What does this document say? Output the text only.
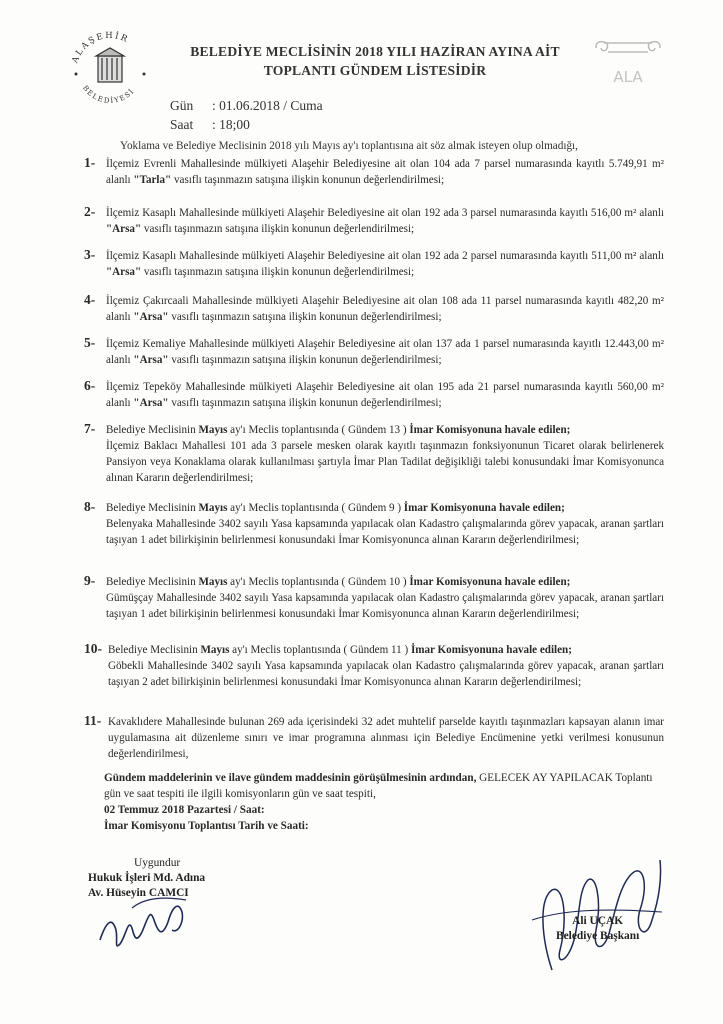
ALAŞEHİR
BELEDİYESİ
ALA
BELEDİYE MECLİSİNİN 2018 YILI HAZİRAN AYINA AİT
TOPLANTI GÜNDEM LİSTESİDİR
Gün	: 01.06.2018 / Cuma
Saat	: 18;00
Yoklama ve Belediye Meclisinin 2018 yılı Mayıs ay'ı toplantısına ait söz almak isteyen olup olmadığı,
1- İlçemiz Evrenli Mahallesinde mülkiyeti Alaşehir Belediyesine ait olan 104 ada 7 parsel numarasında kayıtlı 5.749,91 m² alanlı "Tarla" vasıflı taşınmazın satışına ilişkin konunun değerlendirilmesi;
2- İlçemiz Kasaplı Mahallesinde mülkiyeti Alaşehir Belediyesine ait olan 192 ada 3 parsel numarasında kayıtlı 516,00 m² alanlı "Arsa" vasıflı taşınmazın satışına ilişkin konunun değerlendirilmesi;
3- İlçemiz Kasaplı Mahallesinde mülkiyeti Alaşehir Belediyesine ait olan 192 ada 2 parsel numarasında kayıtlı 511,00 m² alanlı "Arsa" vasıflı taşınmazın satışına ilişkin konunun değerlendirilmesi;
4- İlçemiz Çakırcaali Mahallesinde mülkiyeti Alaşehir Belediyesine ait olan 108 ada 11 parsel numarasında kayıtlı 482,20 m² alanlı "Arsa" vasıflı taşınmazın satışına ilişkin konunun değerlendirilmesi;
5- İlçemiz Kemaliye Mahallesinde mülkiyeti Alaşehir Belediyesine ait olan 137 ada 1 parsel numarasında kayıtlı 12.443,00 m² alanlı "Arsa" vasıflı taşınmazın satışına ilişkin konunun değerlendirilmesi;
6- İlçemiz Tepeköy Mahallesinde mülkiyeti Alaşehir Belediyesine ait olan 195 ada 21 parsel numarasında kayıtlı 560,00 m² alanlı "Arsa" vasıflı taşınmazın satışına ilişkin konunun değerlendirilmesi;
7- Belediye Meclisinin Mayıs ay'ı Meclis toplantısında ( Gündem 13 ) İmar Komisyonuna havale edilen;

İlçemiz Baklacı Mahallesi 101 ada 3 parsele mesken olarak kayıtlı taşınmazın fonksiyonunun Ticaret olarak belirlenerek Pansiyon veya Konaklama olarak kullanılması şartıyla İmar Plan Tadilat değişikliği talebi konusundaki İmar Komisyonunca alınan Kararın değerlendirilmesi;

8- Belediye Meclisinin Mayıs ay'ı Meclis toplantısında ( Gündem 9 ) İmar Komisyonuna havale edilen;

Belenyaka Mahallesinde 3402 sayılı Yasa kapsamında yapılacak olan Kadastro çalışmalarında görev yapacak, aranan şartları taşıyan 1 adet bilirkişinin belirlenmesi konusundaki İmar Komisyonunca alınan Kararın değerlendirilmesi;

9- Belediye Meclisinin Mayıs ay'ı Meclis toplantısında ( Gündem 10 ) İmar Komisyonuna havale edilen;

Gümüşçay Mahallesinde 3402 sayılı Yasa kapsamında yapılacak olan Kadastro çalışmalarında görev yapacak, aranan şartları taşıyan 1 adet bilirkişinin belirlenmesi konusundaki İmar Komisyonunca alınan Kararın değerlendirilmesi;

10- Belediye Meclisinin Mayıs ay'ı Meclis toplantısında ( Gündem 11 ) İmar Komisyonuna havale edilen;

Göbekli Mahallesinde 3402 sayılı Yasa kapsamında yapılacak olan Kadastro çalışmalarında görev yapacak, aranan şartları taşıyan 2 adet bilirkişinin belirlenmesi konusundaki İmar Komisyonunca alınan Kararın değerlendirilmesi;

11- Kavaklıdere Mahallesinde bulunan 269 ada içerisindeki 32 adet muhtelif parselde kayıtlı taşınmazları kapsayan alanın imar uygulamasına ait düzenleme sınırı ve imar programına alınması için Belediye Encümenine yetki verilmesi konusunun değerlendirilmesi,

Gündem maddelerinin ve ilave gündem maddesinin görüşülmesinin ardından, GELECEK AY YAPILACAK Toplantı gün ve saat tespiti ile ilgili komisyonların gün ve saat tespiti,

02 Temmuz 2018 Pazartesi / Saat:

İmar Komisyonu Toplantısı Tarih ve Saati:

Uygundur
Hukuk İşleri Md. Adına
Av. Hüseyin CAMCI
Ali UÇAK
Belediye Başkanı
